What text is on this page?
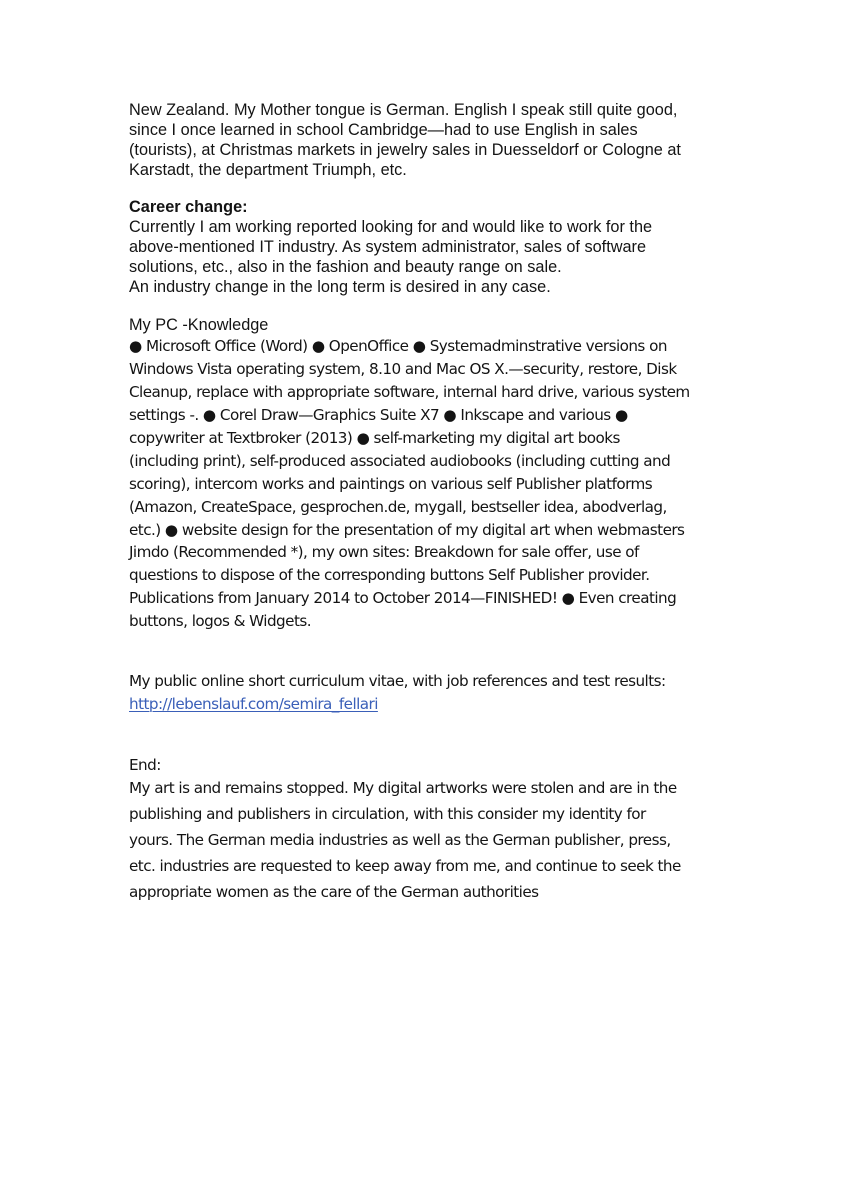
New Zealand. My Mother tongue is German. English I speak still quite good,
since I once learned in school Cambridge—had to use English in sales
(tourists), at Christmas markets in jewelry sales in Duesseldorf or Cologne at
Karstadt, the department Triumph, etc.
Career change:
Currently I am working reported looking for and would like to work for the
above-mentioned IT industry. As system administrator, sales of software
solutions, etc., also in the fashion and beauty range on sale.
An industry change in the long term is desired in any case.
My PC -Knowledge
● Microsoft Office (Word) ● OpenOffice ● Systemadminstrative versions on
Windows Vista operating system, 8.10 and Mac OS X.—security, restore, Disk
Cleanup, replace with appropriate software, internal hard drive, various system
settings -. ● Corel Draw—Graphics Suite X7 ● Inkscape and various ●
copywriter at Textbroker (2013) ● self-marketing my digital art books
(including print), self-produced associated audiobooks (including cutting and
scoring), intercom works and paintings on various self Publisher platforms
(Amazon, CreateSpace, gesprochen.de, mygall, bestseller idea, abodverlag,
etc.) ● website design for the presentation of my digital art when webmasters
Jimdo (Recommended *), my own sites: Breakdown for sale offer, use of
questions to dispose of the corresponding buttons Self Publisher provider.
Publications from January 2014 to October 2014—FINISHED! ● Even creating
buttons, logos & Widgets.
My public online short curriculum vitae, with job references and test results:
http://lebenslauf.com/semira_fellari
End:
My art is and remains stopped. My digital artworks were stolen and are in the
publishing and publishers in circulation, with this consider my identity for
yours. The German media industries as well as the German publisher, press,
etc. industries are requested to keep away from me, and continue to seek the
appropriate women as the care of the German authorities
